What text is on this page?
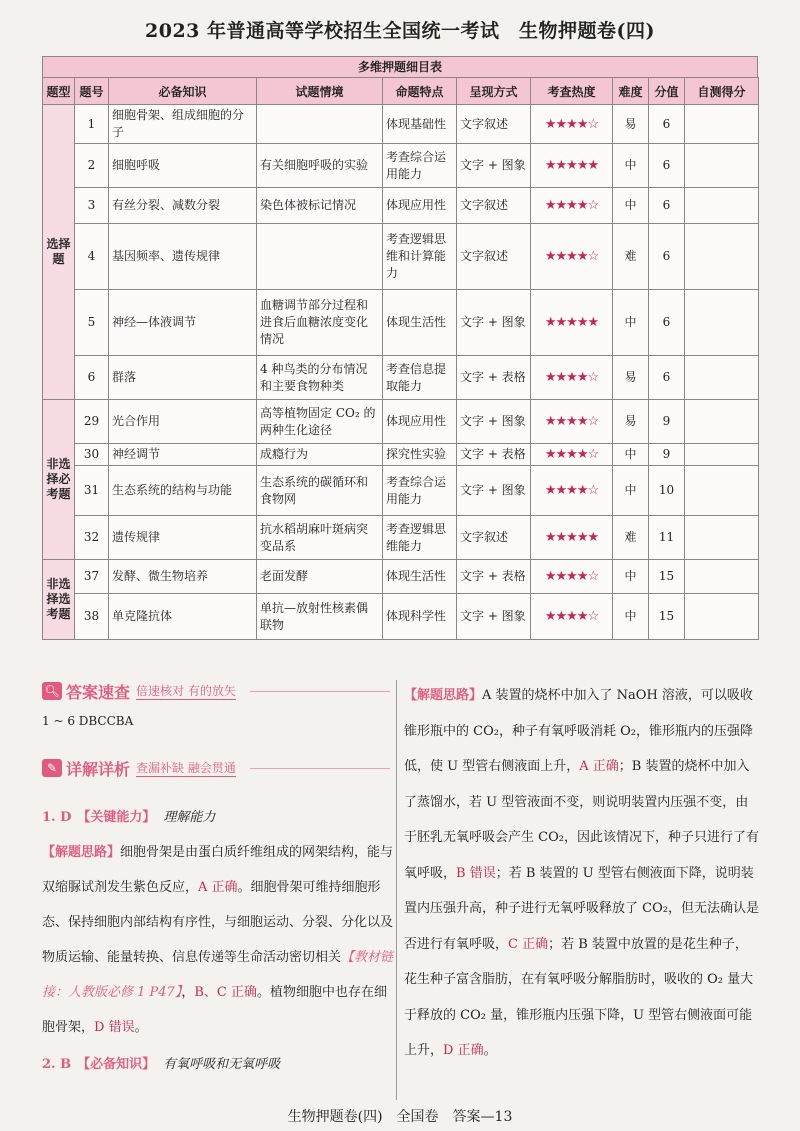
2023 年普通高等学校招生全国统一考试　生物押题卷(四)
多维押题细目表
题型	题号	必备知识	试题情境	命题特点	呈现方式	考查热度	难度	分值	自测得分
选择题	1	细胞骨架、组成细胞的分子		体现基础性	文字叙述	★★★★☆	易	6	
	2	细胞呼吸	有关细胞呼吸的实验	考查综合运用能力	文字 + 图象	★★★★★	中	6	
	3	有丝分裂、减数分裂	染色体被标记情况	体现应用性	文字叙述	★★★★☆	中	6	
	4	基因频率、遗传规律		考查逻辑思维和计算能力	文字叙述	★★★★☆	难	6	
	5	神经—体液调节	血糖调节部分过程和进食后血糖浓度变化情况	体现生活性	文字 + 图象	★★★★★	中	6	
	6	群落	4 种鸟类的分布情况和主要食物种类	考查信息提取能力	文字 + 表格	★★★★☆	易	6	
非选择必考题	29	光合作用	高等植物固定 CO₂ 的两种生化途径	体现应用性	文字 + 图象	★★★★☆	易	9	
	30	神经调节	成瘾行为	探究性实验	文字 + 表格	★★★★☆	中	9	
	31	生态系统的结构与功能	生态系统的碳循环和食物网	考查综合运用能力	文字 + 图象	★★★★☆	中	10	
	32	遗传规律	抗水稻胡麻叶斑病突变品系	考查逻辑思维能力	文字叙述	★★★★★	难	11	
非选择选考题	37	发酵、微生物培养	老面发酵	体现生活性	文字 + 表格	★★★★☆	中	15	
	38	单克隆抗体	单抗—放射性核素偶联物	体现科学性	文字 + 图象	★★★★☆	中	15	
🔍︎ 答案速查 倍速核对 有的放矢
1 ~ 6 DBCCBA
✎ 详解详析 查漏补缺 融会贯通
1. D 【关键能力】 理解能力
【解题思路】细胞骨架是由蛋白质纤维组成的网架结构，能与双缩脲试剂发生紫色反应，A 正确。细胞骨架可维持细胞形态、保持细胞内部结构有序性，与细胞运动、分裂、分化以及物质运输、能量转换、信息传递等生命活动密切相关【教材链接：人教版必修 1 P47】，B、C 正确。植物细胞中也存在细胞骨架，D 错误。
2. B 【必备知识】 有氧呼吸和无氧呼吸
【解题思路】A 装置的烧杯中加入了 NaOH 溶液，可以吸收锥形瓶中的 CO₂，种子有氧呼吸消耗 O₂，锥形瓶内的压强降低，使 U 型管右侧液面上升，A 正确；B 装置的烧杯中加入了蒸馏水，若 U 型管液面不变，则说明装置内压强不变，由于胚乳无氧呼吸会产生 CO₂，因此该情况下，种子只进行了有氧呼吸，B 错误；若 B 装置的 U 型管右侧液面下降，说明装置内压强升高，种子进行无氧呼吸释放了 CO₂，但无法确认是否进行有氧呼吸，C 正确；若 B 装置中放置的是花生种子，花生种子富含脂肪，在有氧呼吸分解脂肪时，吸收的 O₂ 量大于释放的 CO₂ 量，锥形瓶内压强下降，U 型管右侧液面可能上升，D 正确。
生物押题卷(四)　全国卷　答案—13
